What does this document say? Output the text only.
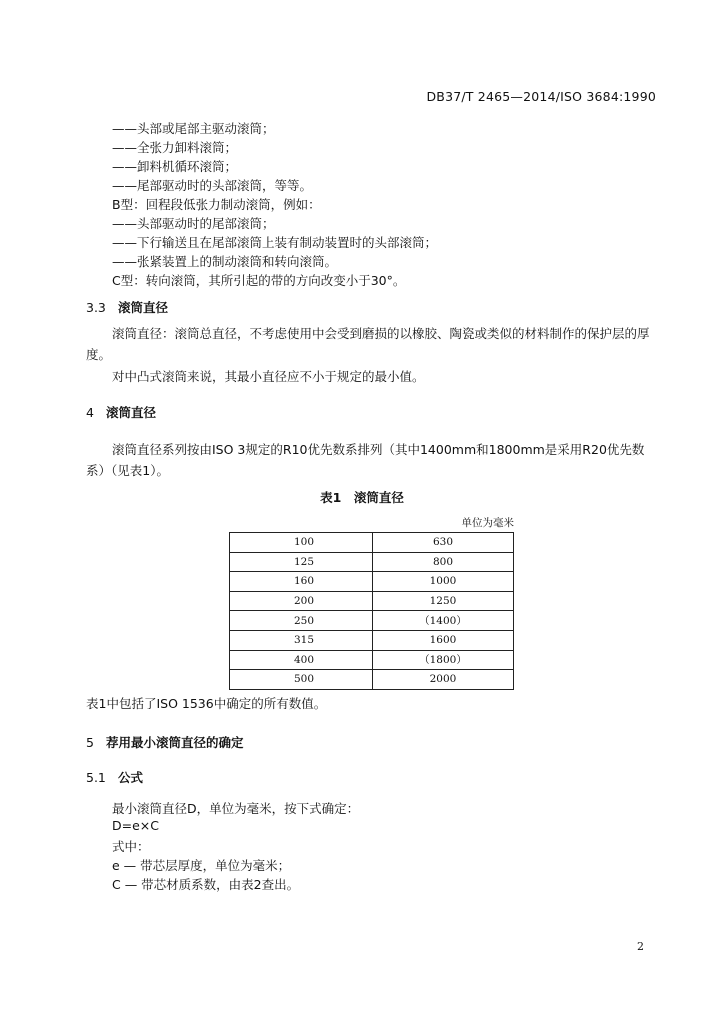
DB37/T 2465—2014/ISO 3684:1990
——头部或尾部主驱动滚筒；
——全张力卸料滚筒；
——卸料机循环滚筒；
——尾部驱动时的头部滚筒，等等。
B型：回程段低张力制动滚筒，例如：
——头部驱动时的尾部滚筒；
——下行输送且在尾部滚筒上装有制动装置时的头部滚筒；
——张紧装置上的制动滚筒和转向滚筒。
C型：转向滚筒，其所引起的带的方向改变小于30°。
3.3 滚筒直径
滚筒直径：滚筒总直径，不考虑使用中会受到磨损的以橡胶、陶瓷或类似的材料制作的保护层的厚度。
对中凸式滚筒来说，其最小直径应不小于规定的最小值。
4 滚筒直径
滚筒直径系列按由ISO 3规定的R10优先数系排列（其中1400mm和1800mm是采用R20优先数系）（见表1）。
表1　滚筒直径
单位为毫米
100	630
125	800
160	1000
200	1250
250	（1400）
315	1600
400	（1800）
500	2000
表1中包括了ISO 1536中确定的所有数值。
5 荐用最小滚筒直径的确定
5.1 公式
最小滚筒直径D，单位为毫米，按下式确定：
D=e×C
式中：
e — 带芯层厚度，单位为毫米；
C — 带芯材质系数，由表2查出。
2
